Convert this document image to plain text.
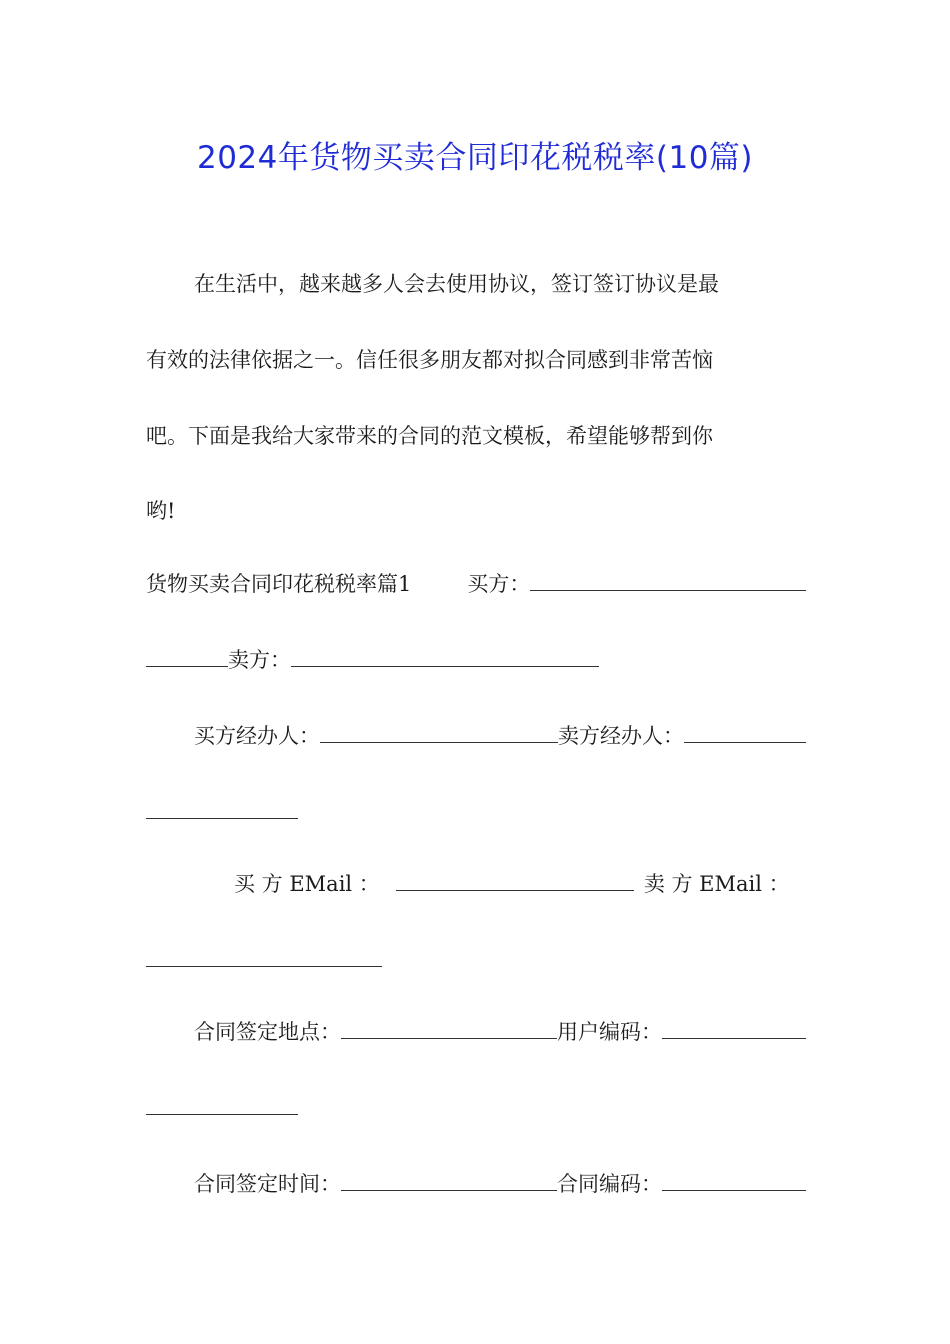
2024年货物买卖合同印花税税率(10篇)
在生活中，越来越多人会去使用协议，签订签订协议是最
有效的法律依据之一。信任很多朋友都对拟合同感到非常苦恼
吧。下面是我给大家带来的合同的范文模板，希望能够帮到你
哟!
货物买卖合同印花税税率篇1	买方：
卖方：
买方经办人：	卖方经办人：
买 方 EMail ：	卖 方 EMail ：
合同签定地点：	用户编码：
合同签定时间：	合同编码：
